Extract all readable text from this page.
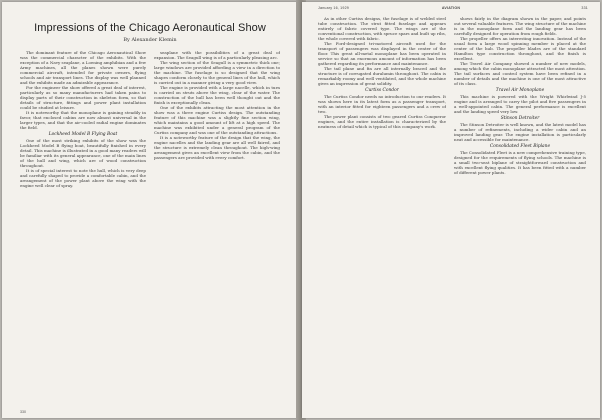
Impressions of the Chicago Aeronautical Show
By Alexander Klemin

The dominant feature of the Chicago Aeronautical Show was the commercial character of the exhibits. With the exception of a Navy seaplane, a Loening amphibian and a few Army machines, all the planes shown were purely commercial aircraft, intended for private owners, flying schools and air transport lines. The display was well planned and the exhibits made an admirable appearance.

For the engineer the show offered a great deal of interest, particularly as so many manufacturers had taken pains to display parts of their construction in skeleton form, so that details of structure, fittings and power plant installation could be studied at leisure.

It is noteworthy that the monoplane is gaining steadily in favor, that enclosed cabins are now almost universal in the larger types, and that the air-cooled radial engine dominates the field.

Lockheed Model B Flying Boat

One of the most striking exhibits of the show was the Lockheed Model B flying boat, beautifully finished in every detail. This machine is illustrated in a good many readers will be familiar with its general appearance, one of the main lines of the hull and wing, which are of wood construction throughout.

It is of special interest to note the hull, which is very deep and carefully shaped to provide a comfortable cabin, and the arrangement of the power plant above the wing with the engine well clear of spray.

seaplane with the possibilities of a great deal of expansion. The Seagull wing is of a particularly pleasing arc.

The wing section of the Seagull is a symmetric thick one; large windows are provided affording a view in a direction to the machine. The fuselage is so designed that the wing shapes conform closely to the general lines of the hull, which is carried out in a manner giving a very good view.

The engine is provided with a large nacelle, which in turn is carried on struts above the wing, clear of the water. The construction of the hull has been well thought out and the finish is exceptionally clean.

One of the exhibits attracting the most attention in the show was a three engine Curtiss design. The outstanding feature of this machine was a slightly fine section wing, which maintains a good amount of lift at a high speed. The machine was exhibited under a general program of the Curtiss company and was one of the outstanding attractions.

It is a noteworthy feature of the design that the wing, the engine nacelles and the landing gear are all well faired, and the structure is extremely clean throughout. The high-wing arrangement gives an excellent view from the cabin, and the passengers are provided with every comfort.

330
January 16, 1929	AVIATION	331

As in other Curtiss designs, the fuselage is of welded steel tube construction. The strut fitted fuselage and appears entirely of fabric covered type. The wings are of the conventional construction, with spruce spars and built up ribs, the whole covered with fabric.

The Ford-designed tri-motored aircraft used for the transport of passengers was displayed in the center of the floor. This great all-metal monoplane has been operated in service so that an enormous amount of information has been gathered regarding its performance and maintenance.

The tail plane and fin are all internally braced and the structure is of corrugated duralumin throughout. The cabin is remarkably roomy and well ventilated, and the whole machine gives an impression of great solidity.

Curtiss Condor

The Curtiss Condor needs no introduction to our readers. It was shown here in its latest form as a passenger transport, with an interior fitted for eighteen passengers and a crew of two.

The power plant consists of two geared Curtiss Conqueror engines, and the entire installation is characterized by the neatness of detail which is typical of this company's work.

shows fairly in the diagram shown in the paper, and points out several valuable features. The wing structure of the machine is in the monoplane form and the landing gear has been carefully designed for operation from rough fields.

The propeller offers an interesting innovation. Instead of the usual form a large wood spinning member is placed at the center of the hub. The propeller blades are of the standard Hamilton type construction throughout, and the finish is excellent.

The Travel Air Company showed a number of new models, among which the cabin monoplane attracted the most attention. The tail surfaces and control system have been refined in a number of details and the machine is one of the most attractive of its class.

Travel Air Monoplane

This machine is powered with the Wright Whirlwind J-5 engine and is arranged to carry the pilot and five passengers in a well-appointed cabin. The general performance is excellent and the landing speed very low.

Stinson Detroiter

The Stinson Detroiter is well known, and the latest model has a number of refinements, including a wider cabin and an improved landing gear. The engine installation is particularly neat and accessible for maintenance.

Consolidated Fleet Biplane

The Consolidated Fleet is a new comprehensive training type, designed for the requirements of flying schools. The machine is a small two-seat biplane of straightforward construction and with excellent flying qualities. It has been fitted with a number of different power plants.
